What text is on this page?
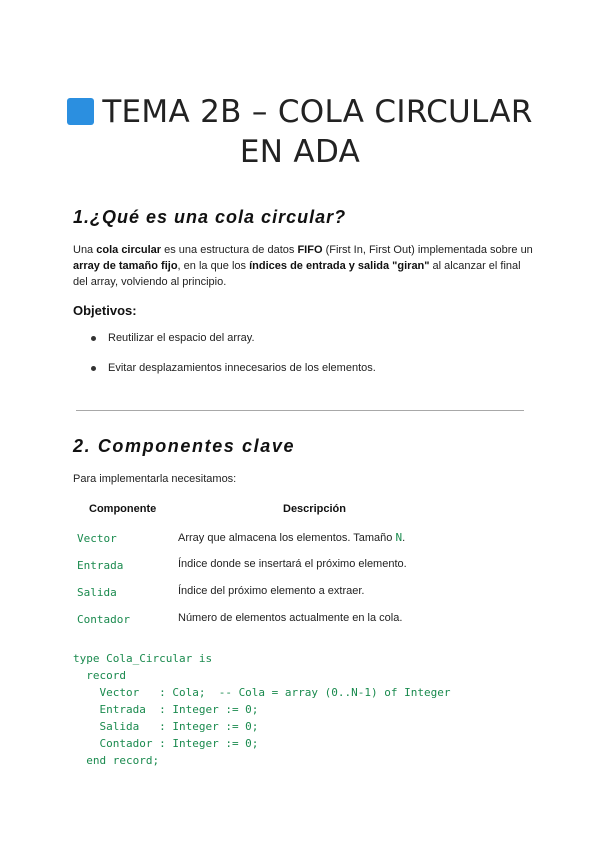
TEMA 2B – COLA CIRCULAR EN ADA
1.¿Qué es una cola circular?
Una cola circular es una estructura de datos FIFO (First In, First Out) implementada sobre un array de tamaño fijo, en la que los índices de entrada y salida "giran" al alcanzar el final del array, volviendo al principio.
Objetivos:
Reutilizar el espacio del array.
Evitar desplazamientos innecesarios de los elementos.
2. Componentes clave
Para implementarla necesitamos:
Componente	Descripción
Vector	Array que almacena los elementos. Tamaño N.
Entrada	Índice donde se insertará el próximo elemento.
Salida	Índice del próximo elemento a extraer.
Contador	Número de elementos actualmente en la cola.
type Cola_Circular is
record
Vector   : Cola;  -- Cola = array (0..N-1) of Integer
Entrada  : Integer := 0;
Salida   : Integer := 0;
Contador : Integer := 0;
end record;
